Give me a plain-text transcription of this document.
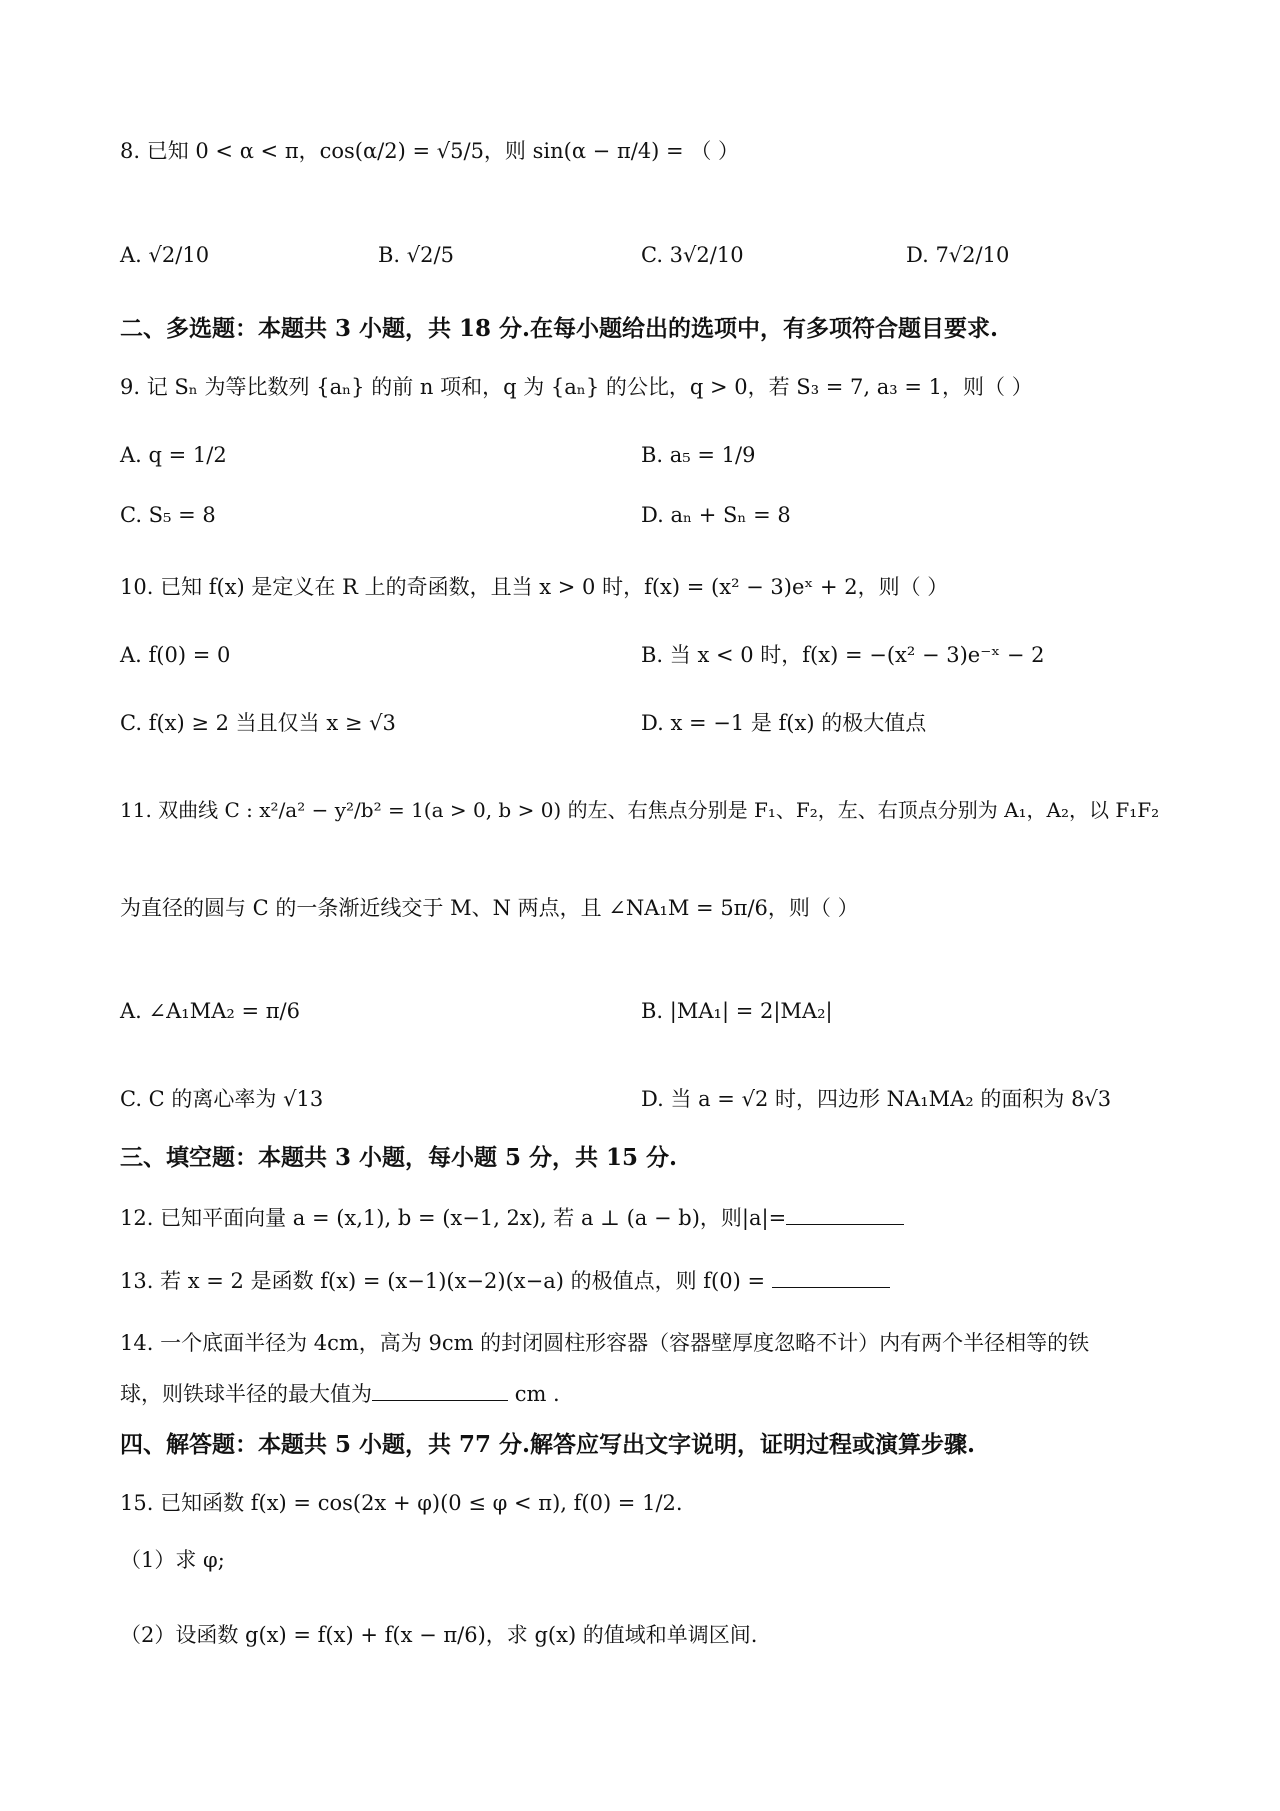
8. 已知 0 < α < π，cos(α/2) = √5/5，则 sin(α − π/4) = （ ）
A. √2/10	B. √2/5	C. 3√2/10	D. 7√2/10
二、多选题：本题共 3 小题，共 18 分.在每小题给出的选项中，有多项符合题目要求.
9. 记 Sₙ 为等比数列 {aₙ} 的前 n 项和，q 为 {aₙ} 的公比，q > 0，若 S₃ = 7, a₃ = 1，则（ ）
A. q = 1/2	B. a₅ = 1/9
C. S₅ = 8	D. aₙ + Sₙ = 8
10. 已知 f(x) 是定义在 R 上的奇函数，且当 x > 0 时，f(x) = (x² − 3)eˣ + 2，则（ ）
A. f(0) = 0	B. 当 x < 0 时，f(x) = −(x² − 3)e⁻ˣ − 2
C. f(x) ≥ 2 当且仅当 x ≥ √3	D. x = −1 是 f(x) 的极大值点
11. 双曲线 C : x²/a² − y²/b² = 1(a > 0, b > 0) 的左、右焦点分别是 F₁、F₂，左、右顶点分别为 A₁，A₂，以 F₁F₂
为直径的圆与 C 的一条渐近线交于 M、N 两点，且 ∠NA₁M = 5π/6，则（ ）
A. ∠A₁MA₂ = π/6	B. |MA₁| = 2|MA₂|
C. C 的离心率为 √13	D. 当 a = √2 时，四边形 NA₁MA₂ 的面积为 8√3
三、填空题：本题共 3 小题，每小题 5 分，共 15 分.
12. 已知平面向量 a = (x,1), b = (x−1, 2x), 若 a ⊥ (a − b)，则|a|=
13. 若 x = 2 是函数 f(x) = (x−1)(x−2)(x−a) 的极值点，则 f(0) =
14. 一个底面半径为 4cm，高为 9cm 的封闭圆柱形容器（容器壁厚度忽略不计）内有两个半径相等的铁
球，则铁球半径的最大值为	cm .
四、解答题：本题共 5 小题，共 77 分.解答应写出文字说明，证明过程或演算步骤.
15. 已知函数 f(x) = cos(2x + φ)(0 ≤ φ < π), f(0) = 1/2.
（1）求 φ;
（2）设函数 g(x) = f(x) + f(x − π/6)，求 g(x) 的值域和单调区间.
